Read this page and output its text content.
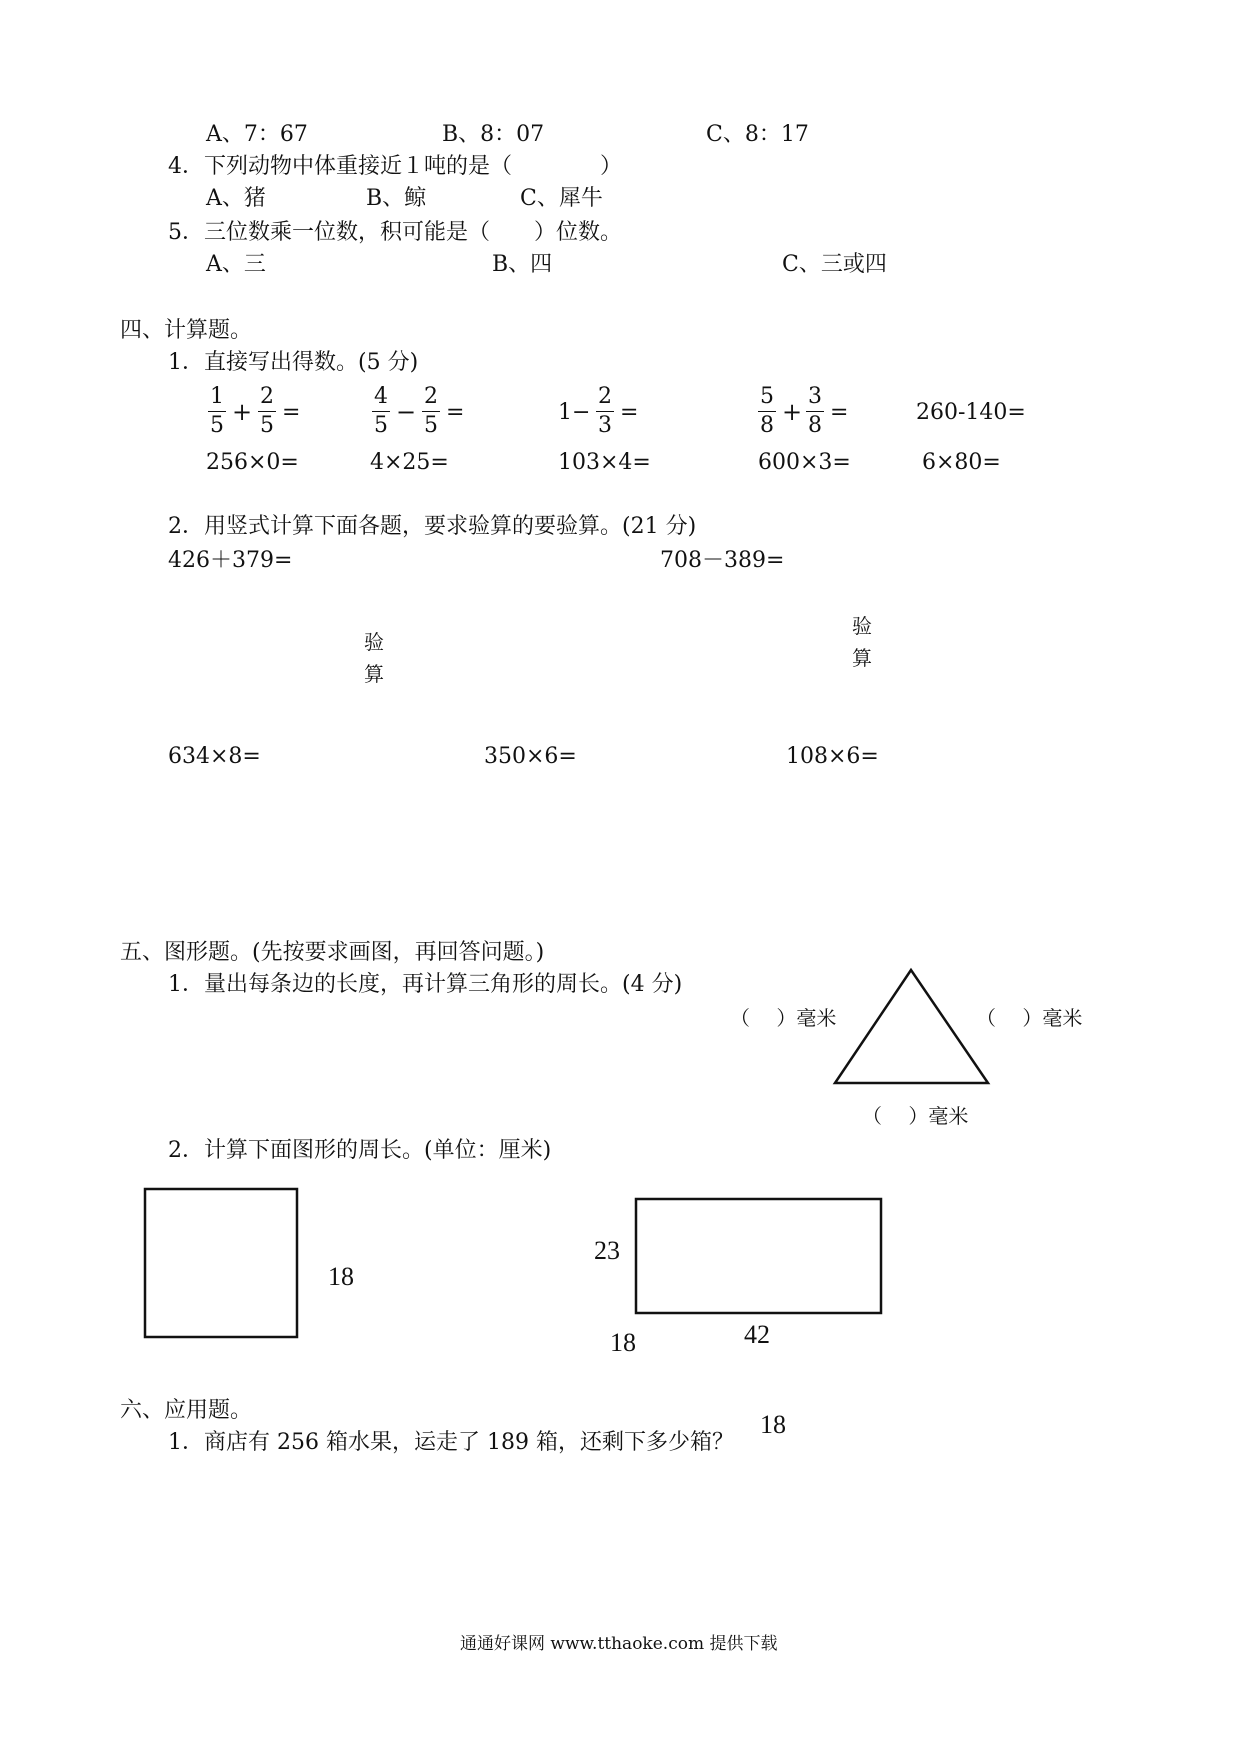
A、7：67	B、8：07	C、8：17
4．下列动物中体重接近１吨的是（　　　　）
A、猪	B、鲸	C、犀牛
5．三位数乘一位数，积可能是（　　）位数。
A、三	B、四	C、三或四
四、计算题。
1．直接写出得数。(5 分)
$\frac{1}{5} + \frac{2}{5}$ =	$\frac{4}{5} - \frac{2}{5}$ =	$1- \frac{2}{3}$ =	$\frac{5}{8} + \frac{3}{8}$ =	260-140=
256×0=	4×25=	103×4=	600×3=	6×80=
2．用竖式计算下面各题，要求验算的要验算。(21 分)
426＋379=	708－389=
验
算
验
算
634×8=	350×6=	108×6=
五、图形题。(先按要求画图，再回答问题。)
1．量出每条边的长度，再计算三角形的周长。(4 分)
（　 ）毫米	（　 ）毫米
（　 ）毫米
2．计算下面图形的周长。(单位：厘米)
18
23
18	42
六、应用题。
1．商店有 256 箱水果，运走了 189 箱，还剩下多少箱？
18
通通好课网 www.tthaoke.com 提供下载
